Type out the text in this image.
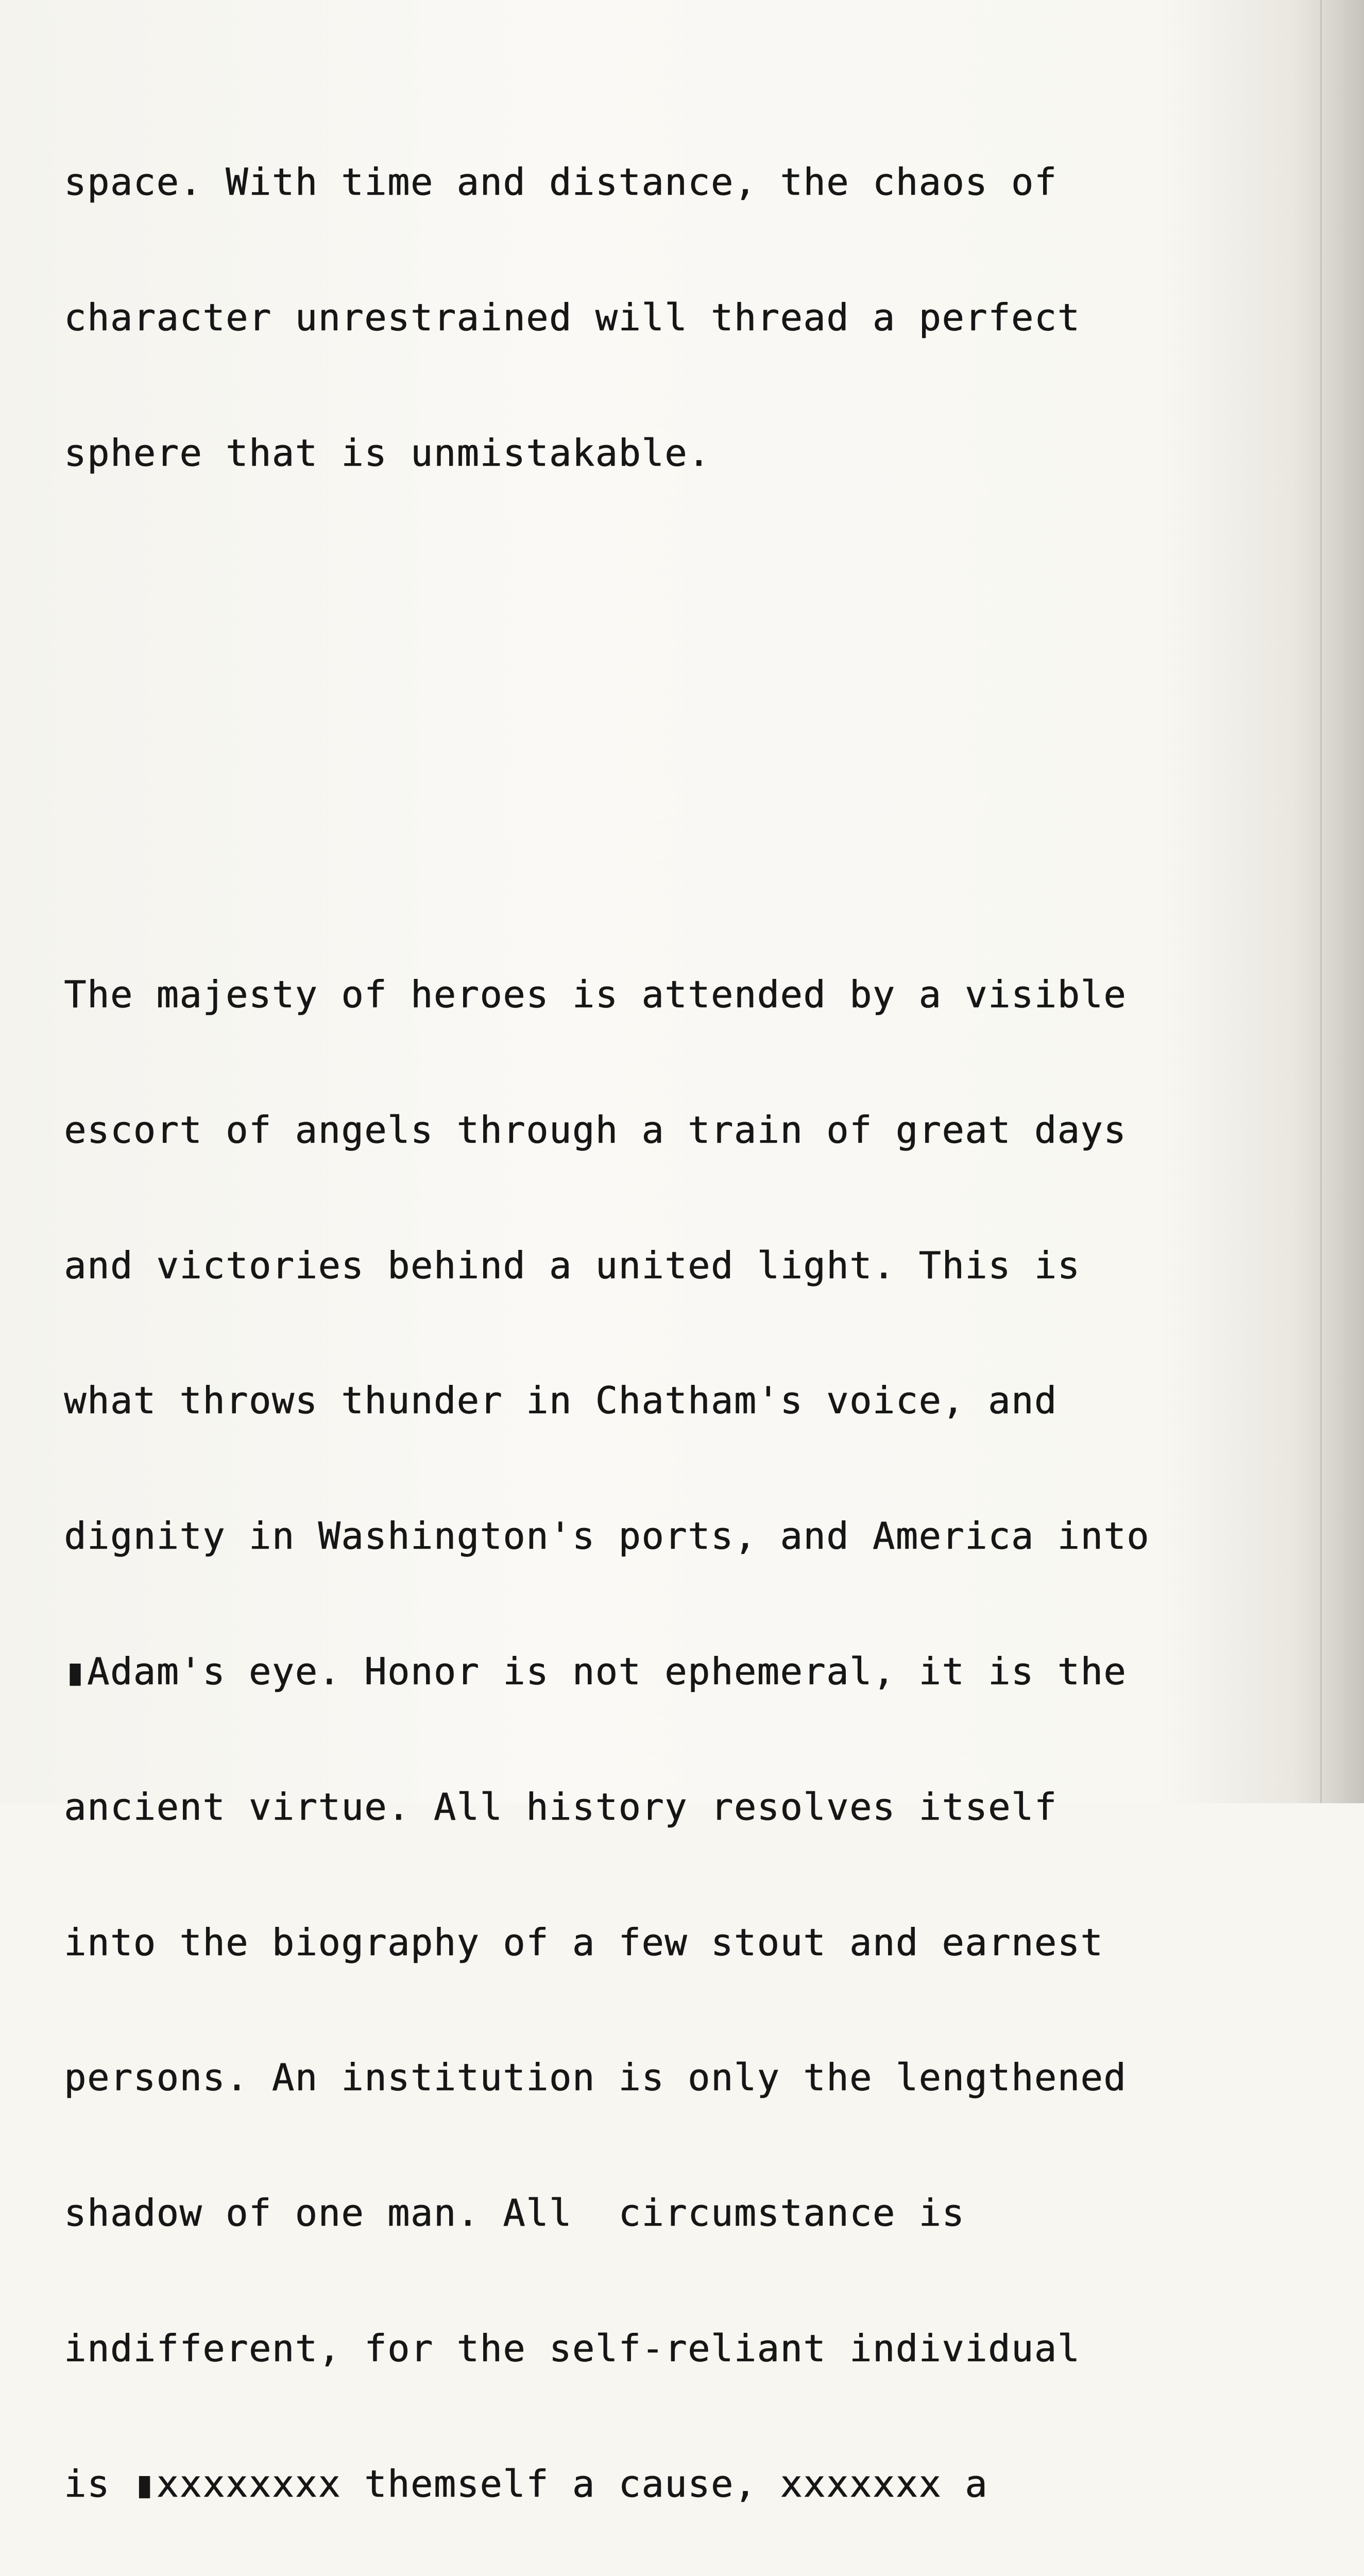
space. With time and distance, the chaos of

character unrestrained will thread a perfect

sphere that is unmistakable.

The majesty of heroes is attended by a visible

escort of angels through a train of great days

and victories behind a united light. This is

what throws thunder in Chatham's voice, and

dignity in Washington's ports, and America into

▮Adam's eye. Honor is not ephemeral, it is the

ancient virtue. All history resolves itself

into the biography of a few stout and earnest

persons. An institution is only the lengthened

shadow of one man. All  circumstance is

indifferent, for the self-reliant individual

is ▮xxxxxxxx themself a cause, xxxxxxx a
